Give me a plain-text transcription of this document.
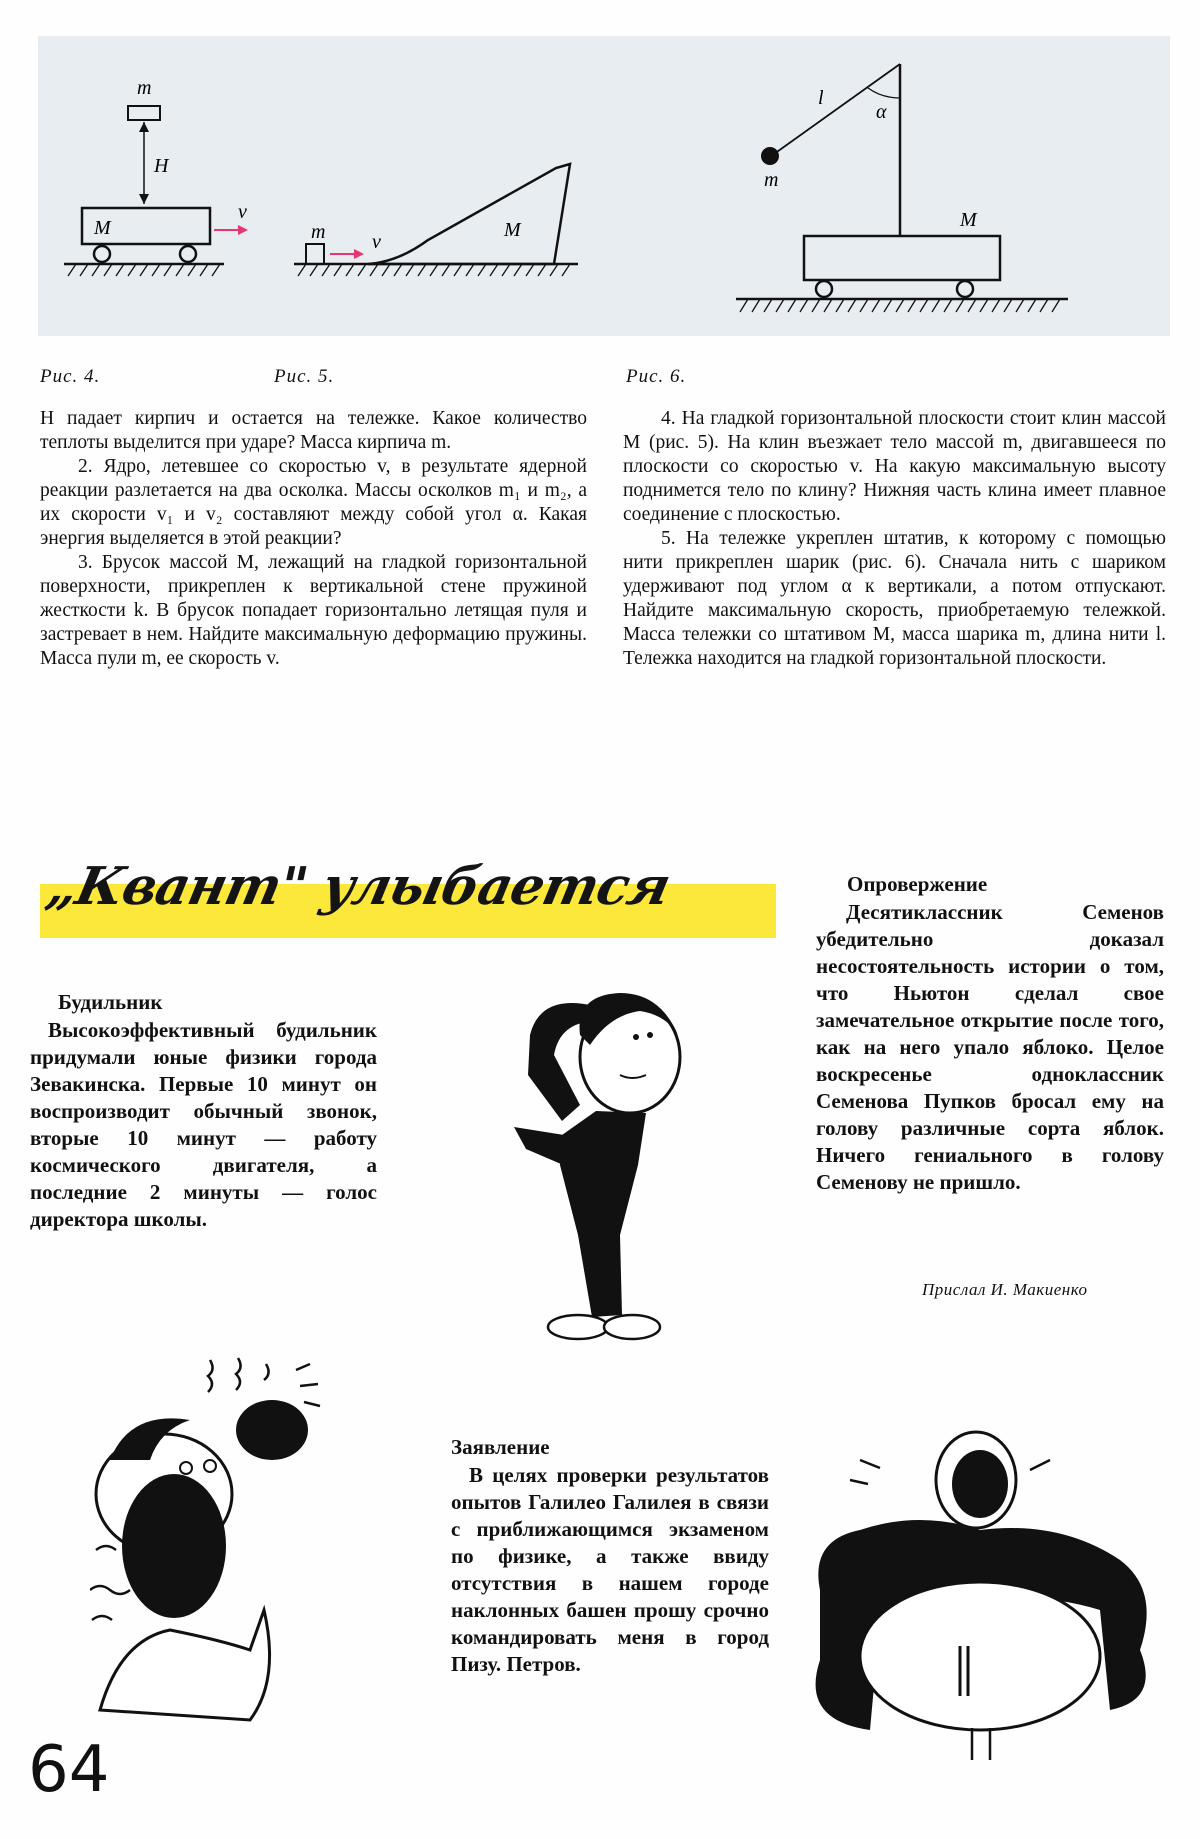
m
H
M
v
m v
M
l
α
m
M
Рис. 4.	Рис. 5.	Рис. 6.

H падает кирпич и остается на тележке. Какое количество теплоты выделится при ударе? Масса кирпича m.

2. Ядро, летевшее со скоростью v, в результате ядерной реакции разлетается на два осколка. Массы осколков m₁ и m₂, а их скорости v₁ и v₂ составляют между собой угол α. Какая энергия выделяется в этой реакции?

3. Брусок массой M, лежащий на гладкой горизонтальной поверхности, прикреплен к вертикальной стене пружиной жесткости k. В брусок попадает горизонтально летящая пуля и застревает в нем. Найдите максимальную деформацию пружины. Масса пули m, ее скорость v.

4. На гладкой горизонтальной плоскости стоит клин массой M (рис. 5). На клин въезжает тело массой m, двигавшееся по плоскости со скоростью v. На какую максимальную высоту поднимется тело по клину? Нижняя часть клина имеет плавное соединение с плоскостью.

5. На тележке укреплен штатив, к которому с помощью нити прикреплен шарик (рис. 6). Сначала нить с шариком удерживают под углом α к вертикали, а потом отпускают. Найдите максимальную скорость, приобретаемую тележкой. Масса тележки со штативом M, масса шарика m, длина нити l. Тележка находится на гладкой горизонтальной плоскости.

„Квант" улыбается
Будильник
Высокоэффективный будильник придумали юные физики города Зевакинска. Первые 10 минут он воспроизводит обычный звонок, вторые 10 минут — работу космического двигателя, а последние 2 минуты — голос директора школы.
Опровержение
Десятиклассник Семенов убедительно доказал несостоятельность истории о том, что Ньютон сделал свое замечательное открытие после того, как на него упало яблоко. Целое воскресенье одноклассник Семенова Пупков бросал ему на голову различные сорта яблок. Ничего гениального в голову Семенову не пришло.
Прислал И. Макиенко
Заявление
В целях проверки результатов опытов Галилео Галилея в связи с приближающимся экзаменом по физике, а также ввиду отсутствия в нашем городе наклонных башен прошу срочно командировать меня в город Пизу. Петров.
64
